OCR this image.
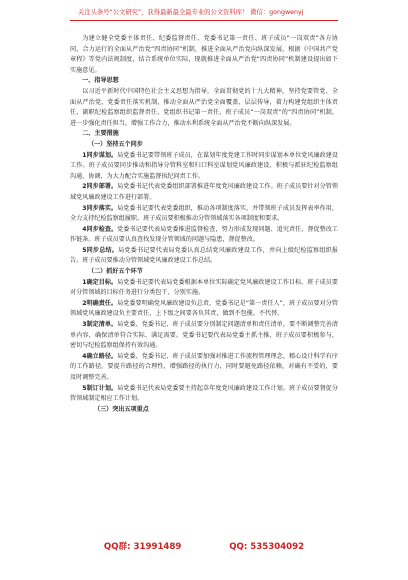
关注头条号“公文研究”，获得最新最全最专业的公文资料库！ 微信：gongwenyj

为建立健全党委主体责任、纪委监督责任、党委书记第一责任、班子成员“一岗双责”各方协同、合力运行的全面从严治党“四责协同”机制，推进全面从严治党向纵深发展，根据《中国共产党章程》等党内法规制度，结合系统单位实际，现就推进全面从严治党“四责协同”机制建设提出如下实施意见。

一、指导思想

以习近平新时代中国特色社会主义思想为指导，全面贯彻党的十九大精神，坚持党要管党、全面从严治党，党委责任落实机制，推动全面从严治党全面覆盖、层层传导，着力构建党组织主体责任、副职纪检监察组织监督责任、党组织书记第一责任、班子成员“一岗双责”的“四责协同”机制，进一步强化责任担当，增强工作合力，推动水利系统全面从严治党不断向纵深发展。

二、主要措施

（一）坚持五个同步

1同步谋划。局党委书记要带领班子成员，在谋划年度党建工作时同步谋划本单位党风廉政建设工作。班子成员要同步推动和指导分管科室和归口科室谋划党风廉政建设、积极与派驻纪检监察组沟通、协调，为大力配合实施监督执纪问责工作。

2同步部署。局党委书记代表党委组织部署推进年度党风廉政建设工作。班子成员要针对分管领域党风廉政建设工作进行部署。

3同步落实。局党委书记要代表党委组织，推动各项制度落实，并带领班子成员发挥表率作用，全力支持纪检监察组履职。班子成员要积极推动分管领域落实各项制度和要求。

4同步检查。党委书记要代表局党委推进监督检查，努力形成发现问题、追究责任、督促整改工作链条。班子成员要认真查找发现分管领域的问题与隐患，督促整改。

5同步总结。局党委书记要代表局党委认真总结党风廉政建设工作，并向上级纪检监察组织报告。班子成员要推动分管领域党风廉政建设工作总结。

（二）抓好五个环节

1确定目标。局党委书记要代表局党委根据本单位实际确定党风廉政建设工作目标。班子成员要对分管领域的目标任务进行分类包干、分别实施。

2明确责任。局党委要明确党风廉政建设负总责，党委书记是“第一责任人”，班子成员要对分管领域党风廉政建设负主要责任，上下级之间要各负其责，做到不包揽、不代替。

3制定清单。局党委、党委书记、班子成员要分别制定问题清单和责任清单，要不断调整完善清单内容，确保清单符合实际、满足需要。党委书记要代表局党委主抓主推，班子成员要积极参与，密切与纪检监察组保持有效沟通。

4确立路径。局党委、党委书记、班子成员要加强对推进工作流程管理理念，精心设计科学有序的工作路径。要提升路径的合理性，增强路径的执行力，同时要避免路径依赖，对确有不妥的，要及时调整完善。

5制订计划。局党委书记代表局党委要主持起草年度党风廉政建设工作计划。班子成员要督促分管领域制定相应工作计划。

（三）突出五项重点

QQ群: 31991489	QQ: 535304092
